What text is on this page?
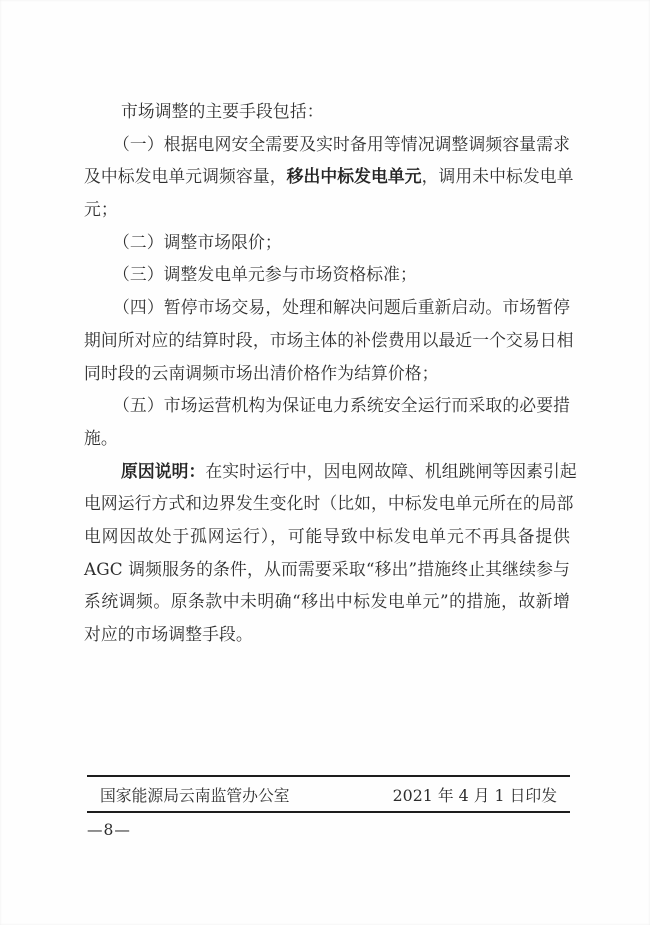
市场调整的主要手段包括：
（一）根据电网安全需要及实时备用等情况调整调频容量需求
及中标发电单元调频容量，移出中标发电单元，调用未中标发电单
元；
（二）调整市场限价；
（三）调整发电单元参与市场资格标准；
（四）暂停市场交易，处理和解决问题后重新启动。市场暂停
期间所对应的结算时段，市场主体的补偿费用以最近一个交易日相
同时段的云南调频市场出清价格作为结算价格；
（五）市场运营机构为保证电力系统安全运行而采取的必要措
施。
原因说明：在实时运行中，因电网故障、机组跳闸等因素引起
电网运行方式和边界发生变化时（比如，中标发电单元所在的局部
电网因故处于孤网运行），可能导致中标发电单元不再具备提供
AGC 调频服务的条件，从而需要采取“移出”措施终止其继续参与
系统调频。原条款中未明确“移出中标发电单元”的措施，故新增
对应的市场调整手段。
国家能源局云南监管办公室	2021 年 4 月 1 日印发
—8—
